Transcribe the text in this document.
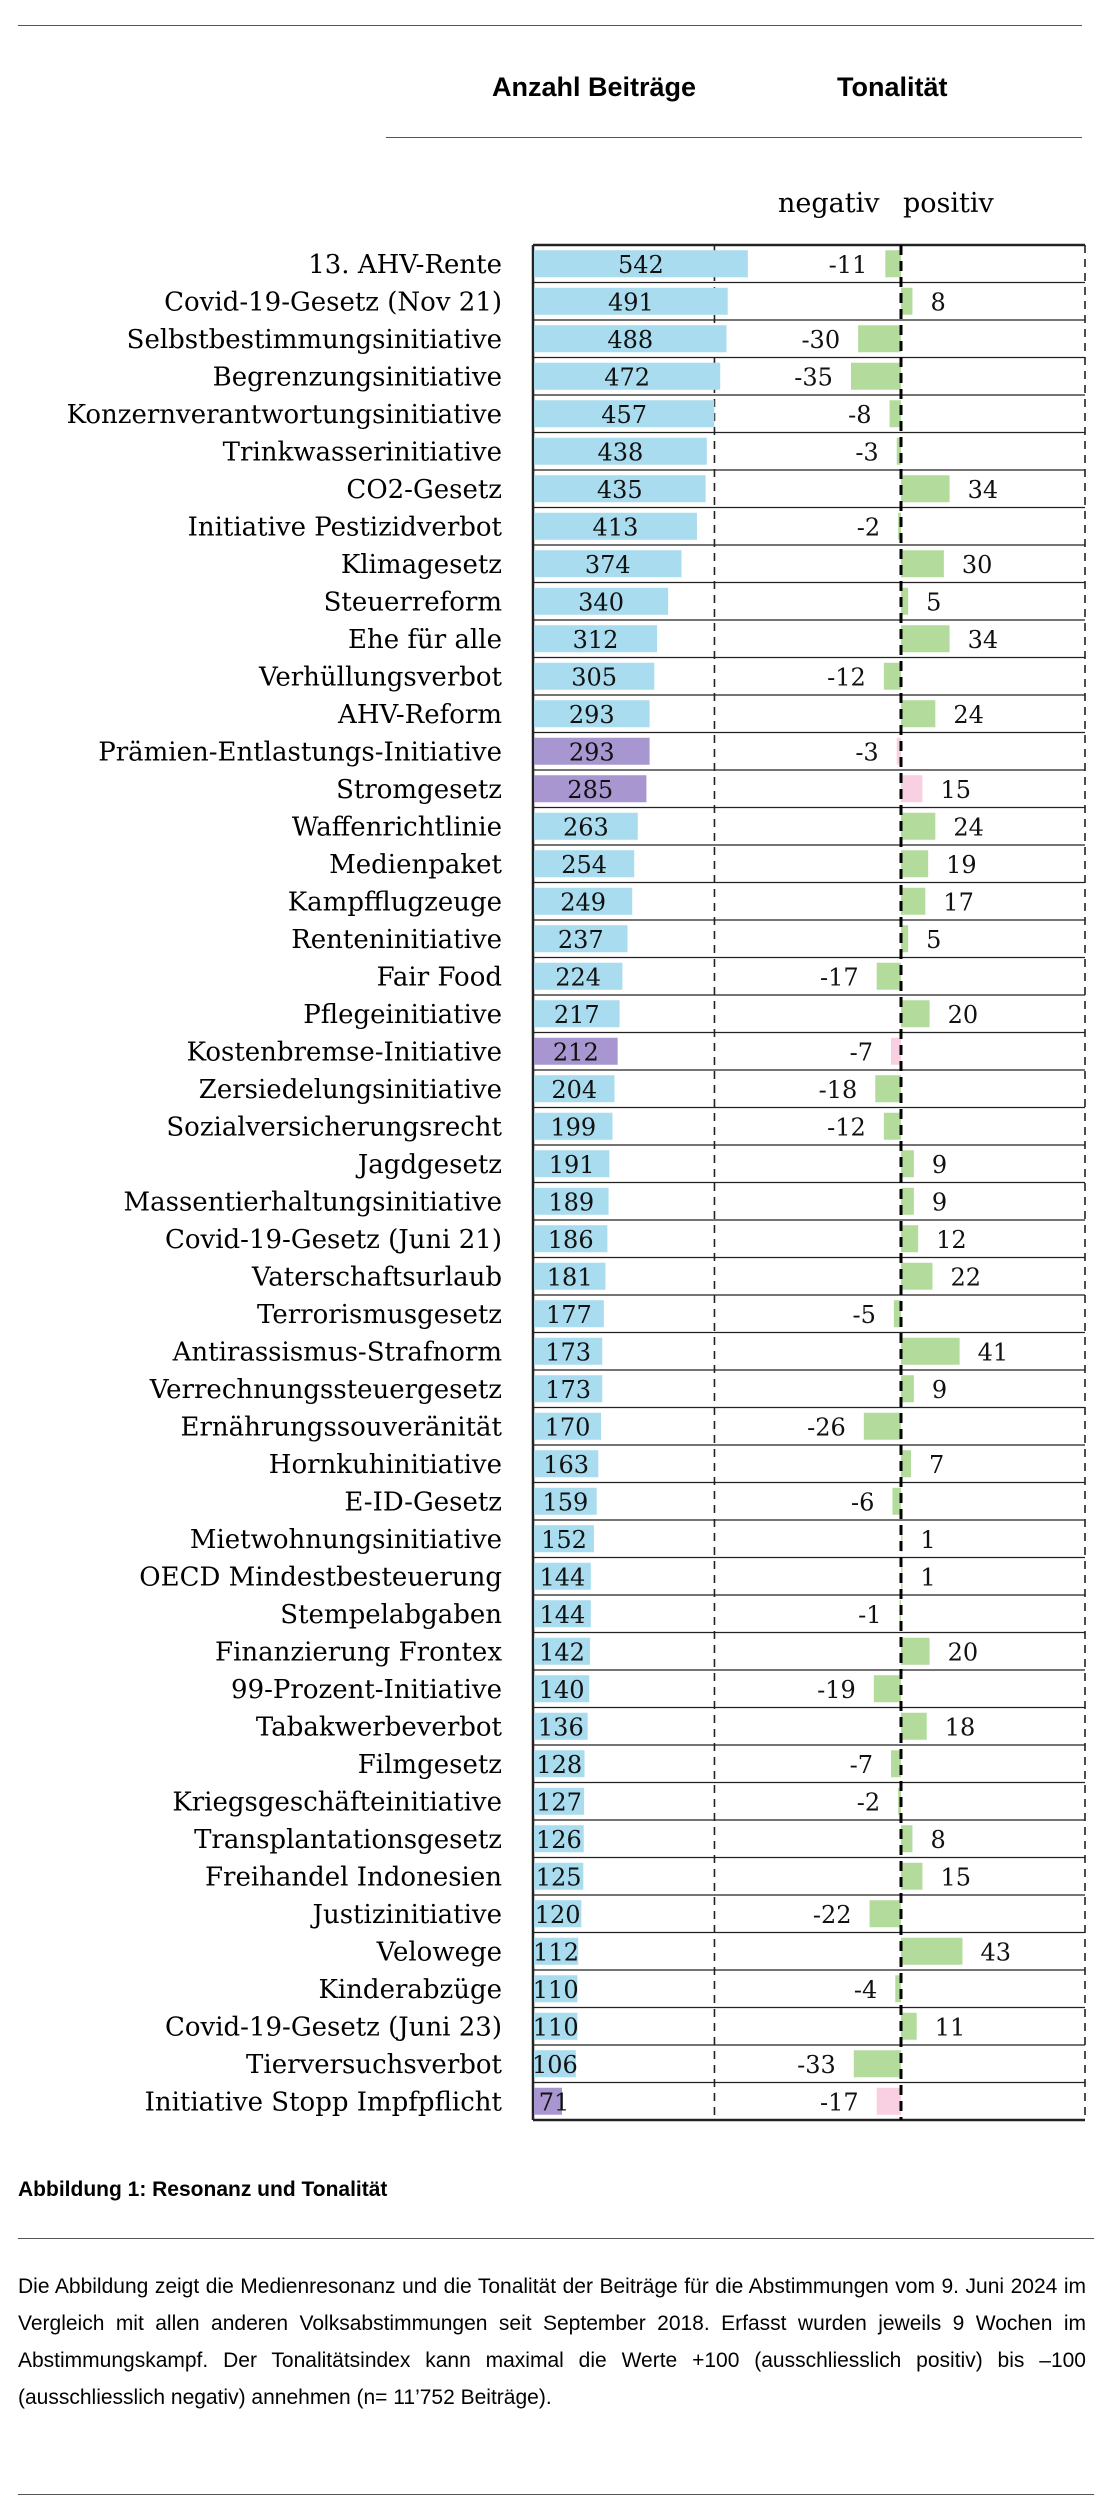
Anzahl Beiträge	Tonalität
negativ positiv
13. AHV-Rente	542	-11
Covid-19-Gesetz (Nov 21)	491	8
Selbstbestimmungsinitiative	488	-30
Begrenzungsinitiative	472	-35
Konzernverantwortungsinitiative	457	-8
Trinkwasserinitiative	438	-3
CO2-Gesetz	435	34
Initiative Pestizidverbot	413	-2
Klimagesetz	374	30
Steuerreform	340	5
Ehe für alle	312	34
Verhüllungsverbot	305	-12
AHV-Reform	293	24
Prämien-Entlastungs-Initiative	293	-3
Stromgesetz	285	15
Waffenrichtlinie	263	24
Medienpaket 254	19
Kampfflugzeuge 249	17
Renteninitiative 237	5
Fair Food 224	-17
Pflegeinitiative 217	20
Kostenbremse-Initiative 212	-7
Zersiedelungsinitiative 204	-18
Sozialversicherungsrecht 199	-12
Jagdgesetz 191	9
Massentierhaltungsinitiative 189	9
Covid-19-Gesetz (Juni 21) 186	12
Vaterschaftsurlaub 181	22
Terrorismusgesetz 177	-5
Antirassismus-Strafnorm 173	41
Verrechnungssteuergesetz 173	9
Ernährungssouveränität 170	-26
Hornkuhinitiative 163	7
E-ID-Gesetz 159	-6
Mietwohnungsinitiative 152	1
OECD Mindestbesteuerung 144	1
Stempelabgaben 144	-1
Finanzierung Frontex 142	20
99-Prozent-Initiative 140	-19
Tabakwerbeverbot 136	18
Filmgesetz 128	-7
Kriegsgeschäfteinitiative 127	-2
Transplantationsgesetz 126	8
Freihandel Indonesien 125	15
Justizinitiative 120	-22
Velowege 112	43
Kinderabzüge 110	-4
Covid-19-Gesetz (Juni 23) 110	11
Tierversuchsverbot 106	-33
Initiative Stopp Impfpflicht 71	-17
Abbildung 1: Resonanz und Tonalität
Die Abbildung zeigt die Medienresonanz und die Tonalität der Beiträge für die Abstimmungen vom 9. Juni 2024 im Vergleich mit allen anderen Volksabstimmungen seit September 2018. Erfasst wurden jeweils 9 Wochen im Abstimmungskampf. Der Tonalitätsindex kann maximal die Werte +100 (ausschliesslich positiv) bis –100 (ausschliesslich negativ) annehmen (n= 11’752 Beiträge).
